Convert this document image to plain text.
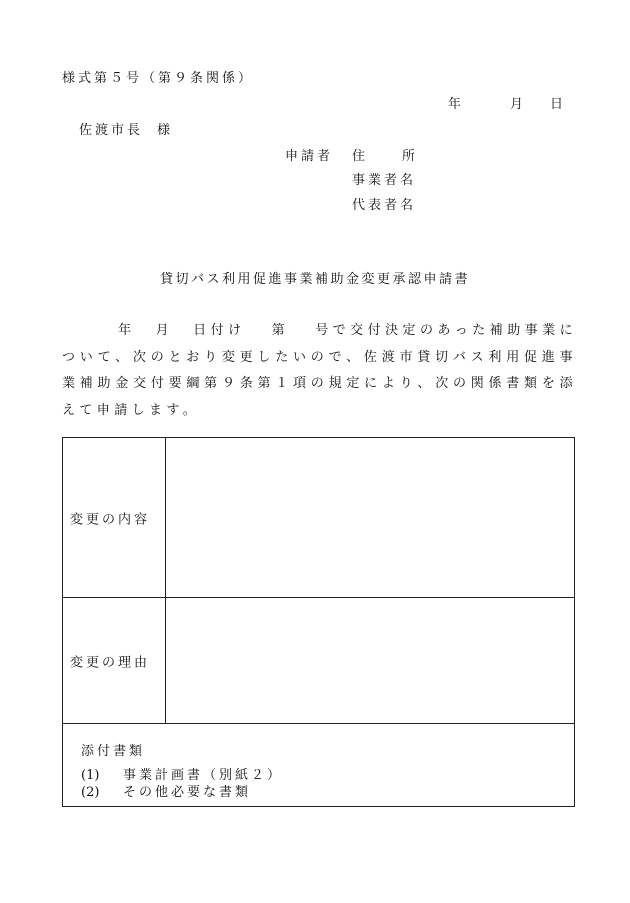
様式第５号（第９条関係）
年	月 日
佐渡市長 様
申請者 住	所
事業者名
代表者名
貸切バス利用促進事業補助金変更承認申請書
年 月 日付け 第 号で交付決定のあった補助事業について、次のとおり変更したいので、佐渡市貸切バス利用促進事業補助金交付要綱第９条第１項の規定により、次の関係書類を添えて申請します。
変更の内容
変更の理由
添付書類
(1) 事業計画書（別紙２）
(2) その他必要な書類
